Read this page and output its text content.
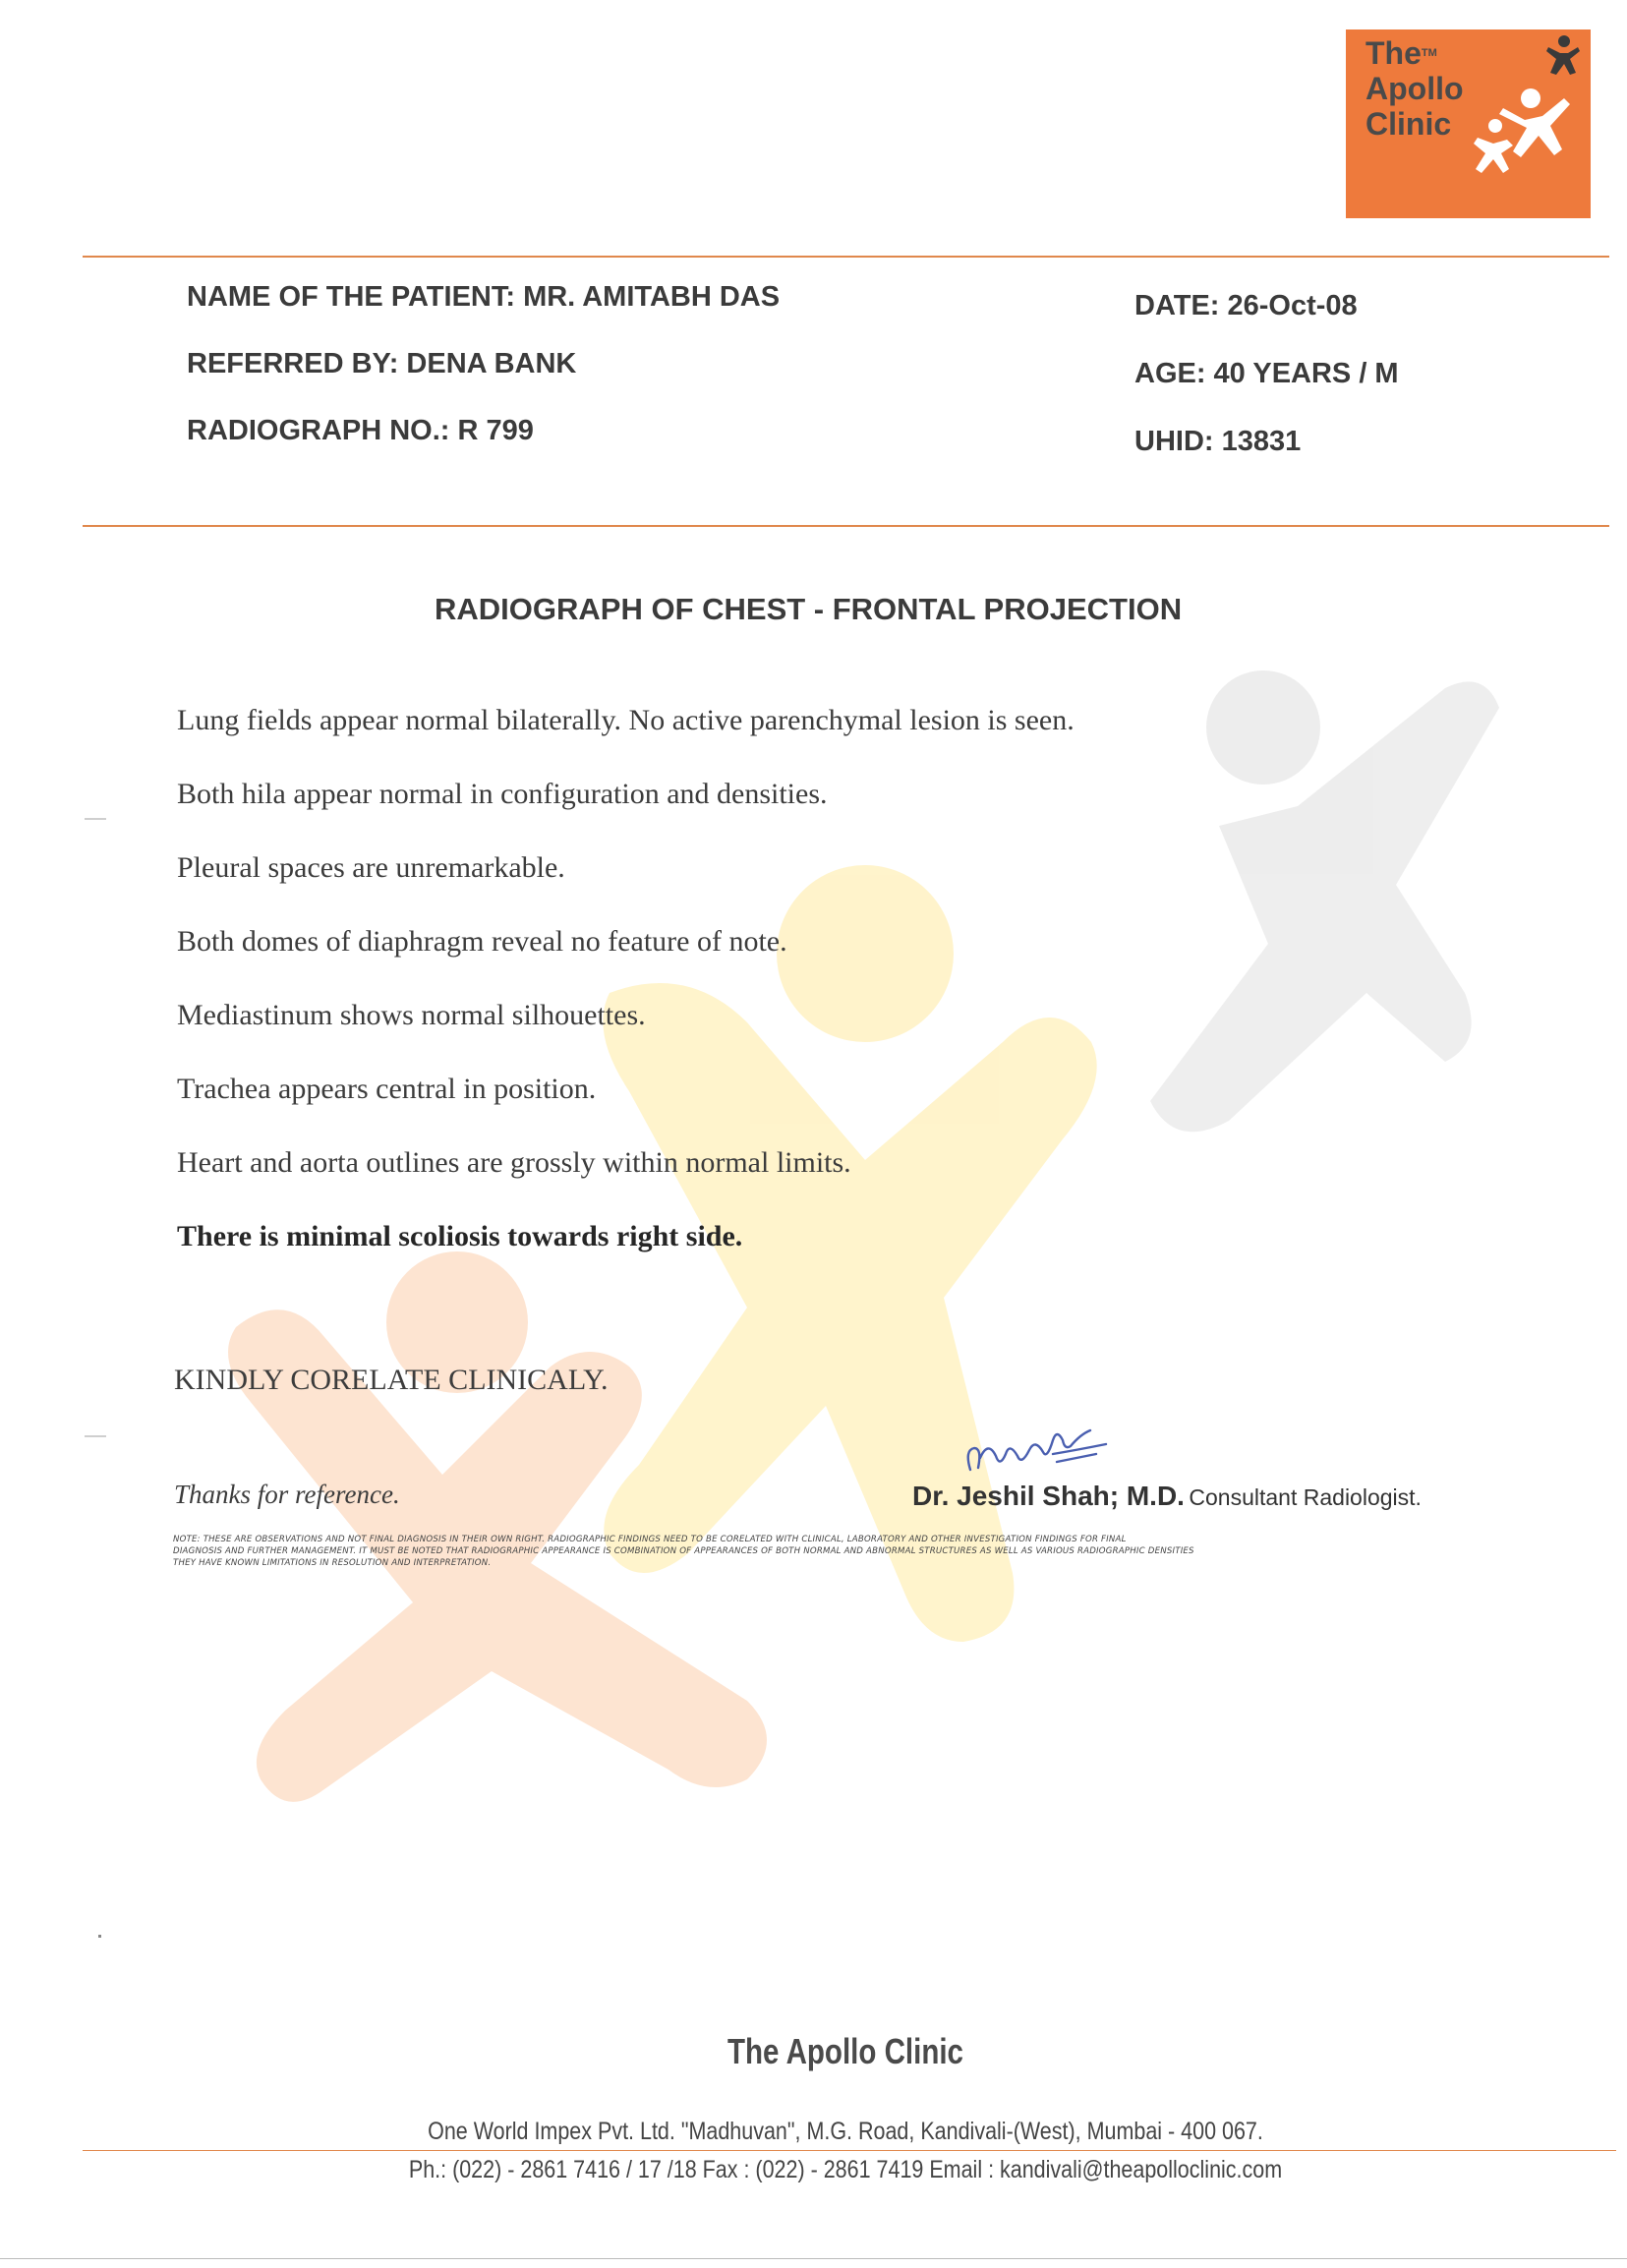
The™
Apollo
Clinic
NAME OF THE PATIENT: MR. AMITABH DAS
REFERRED BY: DENA BANK
RADIOGRAPH NO.: R 799
DATE: 26-Oct-08
AGE: 40 YEARS / M
UHID: 13831
RADIOGRAPH OF CHEST - FRONTAL PROJECTION
Lung fields appear normal bilaterally. No active parenchymal lesion is seen.
Both hila appear normal in configuration and densities.
Pleural spaces are unremarkable.
Both domes of diaphragm reveal no feature of note.
Mediastinum shows normal silhouettes.
Trachea appears central in position.
Heart and aorta outlines are grossly within normal limits.
There is minimal scoliosis towards right side.
KINDLY CORELATE CLINICALY.
Thanks for reference.	Dr. Jeshil Shah; M.D. Consultant Radiologist.
NOTE: THESE ARE OBSERVATIONS AND NOT FINAL DIAGNOSIS IN THEIR OWN RIGHT. RADIOGRAPHIC FINDINGS NEED TO BE CORELATED WITH CLINICAL, LABORATORY AND OTHER INVESTIGATION FINDINGS FOR FINAL
DIAGNOSIS AND FURTHER MANAGEMENT. IT MUST BE NOTED THAT RADIOGRAPHIC APPEARANCE IS COMBINATION OF APPEARANCES OF BOTH NORMAL AND ABNORMAL STRUCTURES AS WELL AS VARIOUS RADIOGRAPHIC DENSITIES
THEY HAVE KNOWN LIMITATIONS IN RESOLUTION AND INTERPRETATION.
The Apollo Clinic
One World Impex Pvt. Ltd. "Madhuvan", M.G. Road, Kandivali-(West), Mumbai - 400 067.
Ph.: (022) - 2861 7416 / 17 /18 Fax : (022) - 2861 7419 Email : kandivali@theapolloclinic.com
